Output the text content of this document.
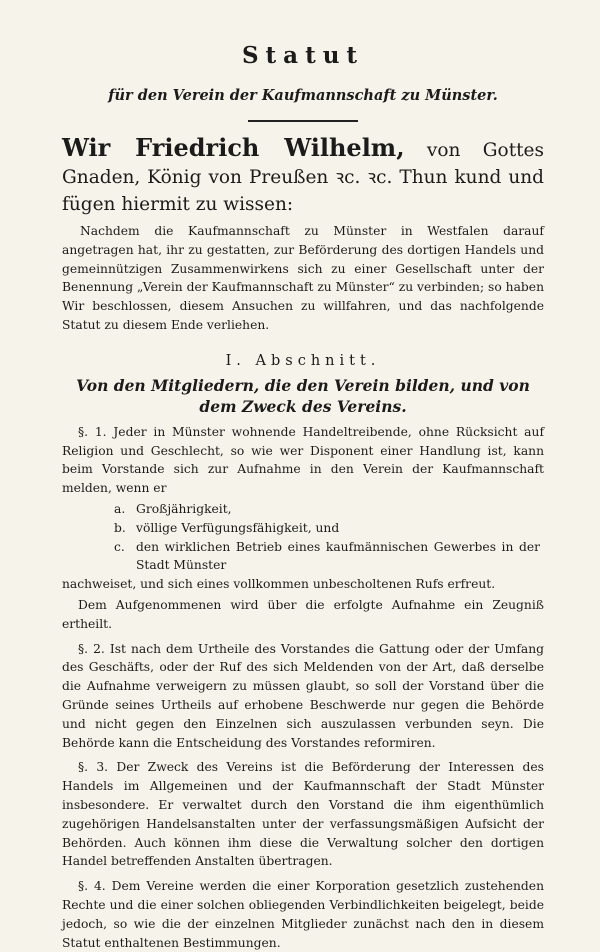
Statut

für den Verein der Kaufmannschaft zu Münster.

Wir Friedrich Wilhelm, von Gottes Gnaden, König von Preußen ꝛc. ꝛc. Thun kund und fügen hiermit zu wissen:

Nachdem die Kaufmannschaft zu Münster in Westfalen darauf angetragen hat, ihr zu gestatten, zur Beförderung des dortigen Handels und gemeinnützigen Zusammenwirkens sich zu einer Gesellschaft unter der Benennung „Verein der Kaufmannschaft zu Münster“ zu verbinden; so haben Wir beschlossen, diesem Ansuchen zu willfahren, und das nachfolgende Statut zu diesem Ende verliehen.

I. Abschnitt.

Von den Mitgliedern, die den Verein bilden, und von dem Zweck des Vereins.

§. 1. Jeder in Münster wohnende Handeltreibende, ohne Rücksicht auf Religion und Geschlecht, so wie wer Disponent einer Handlung ist, kann beim Vorstande sich zur Aufnahme in den Verein der Kaufmannschaft melden, wenn er

a. Großjährigkeit,
b. völlige Verfügungsfähigkeit, und
c. den wirklichen Betrieb eines kaufmännischen Gewerbes in der Stadt Münster

nachweiset, und sich eines vollkommen unbescholtenen Rufs erfreut.

Dem Aufgenommenen wird über die erfolgte Aufnahme ein Zeugniß ertheilt.

§. 2. Ist nach dem Urtheile des Vorstandes die Gattung oder der Umfang des Geschäfts, oder der Ruf des sich Meldenden von der Art, daß derselbe die Aufnahme verweigern zu müssen glaubt, so soll der Vorstand über die Gründe seines Urtheils auf erhobene Beschwerde nur gegen die Behörde und nicht gegen den Einzelnen sich auszulassen verbunden seyn. Die Behörde kann die Entscheidung des Vorstandes reformiren.

§. 3. Der Zweck des Vereins ist die Beförderung der Interessen des Handels im Allgemeinen und der Kaufmannschaft der Stadt Münster insbesondere. Er verwaltet durch den Vorstand die ihm eigenthümlich zugehörigen Handelsanstalten unter der verfassungsmäßigen Aufsicht der Behörden. Auch können ihm diese die Verwaltung solcher den dortigen Handel betreffenden Anstalten übertragen.

§. 4. Dem Vereine werden die einer Korporation gesetzlich zustehenden Rechte und die einer solchen obliegenden Verbindlichkeiten beigelegt, beide jedoch, so wie die der einzelnen Mitglieder zunächst nach den in diesem Statut enthaltenen Bestimmungen.
